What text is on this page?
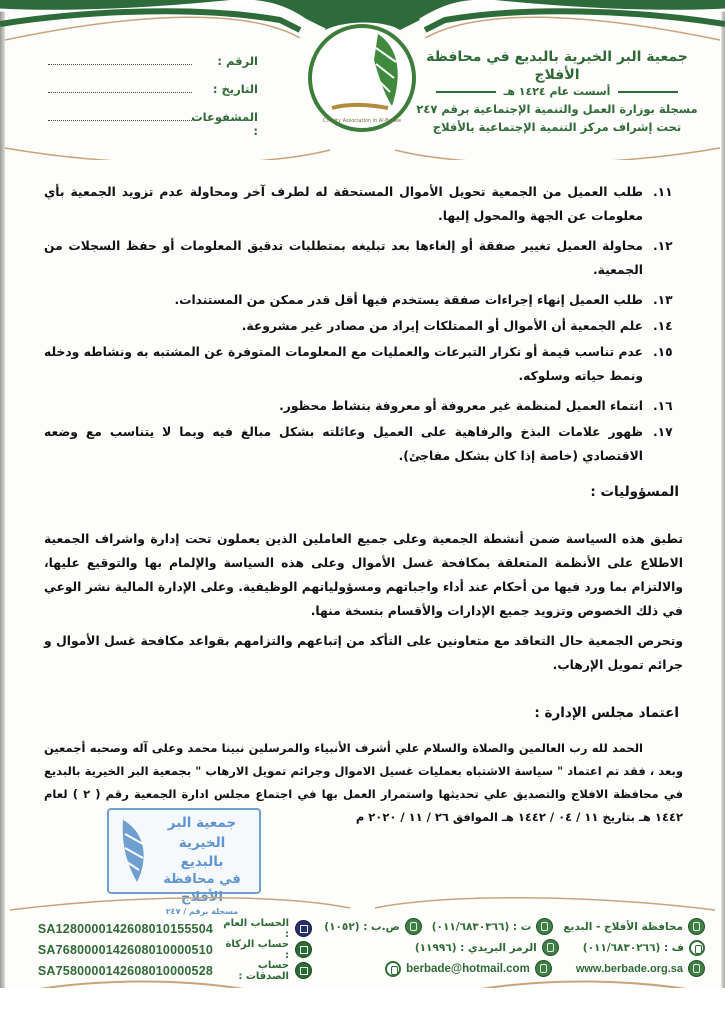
Charity Association in Al-Badee
جمعية البر الخيرية بالبديع في محافظة الأفلاج
أسست عام ١٤٢٤ هـ
مسجلة بوزارة العمل والتنمية الإجتماعية برقم ٢٤٧
تحت إشراف مركز التنمية الإجتماعية بالأفلاج
الرقم :
التاريخ :
المشفوعات :
١١.
طلب العميل من الجمعية تحويل الأموال المستحقة له لطرف آخر ومحاولة عدم تزويد الجمعية بأي معلومات عن الجهة والمحول إليها.
١٢.
محاولة العميل تغيير صفقة أو إلغاءها بعد تبليغه بمتطلبات تدقيق المعلومات أو حفظ السجلات من الجمعية.
١٣.
طلب العميل إنهاء إجراءات صفقة يستخدم فيها أقل قدر ممكن من المستندات.
١٤.
علم الجمعية أن الأموال أو الممتلكات إيراد من مصادر غير مشروعة.
١٥.
عدم تناسب قيمة أو تكرار التبرعات والعمليات مع المعلومات المتوفرة عن المشتبه به ونشاطه ودخله ونمط حياته وسلوكه.
١٦.
انتماء العميل لمنظمة غير معروفة أو معروفة بنشاط محظور.
١٧.
ظهور علامات البذخ والرفاهية على العميل وعائلته بشكل مبالغ فيه وبما لا يتناسب مع وضعه الاقتصادي (خاصة إذا كان بشكل مفاجئ).
المسؤوليات :

تطبق هذه السياسة ضمن أنشطة الجمعية وعلى جميع العاملين الذين يعملون تحت إدارة واشراف الجمعية الاطلاع على الأنظمة المتعلقة بمكافحة غسل الأموال وعلى هذه السياسة والإلمام بها والتوقيع عليها، والالتزام بما ورد فيها من أحكام عند أداء واجباتهم ومسؤولياتهم الوظيفية. وعلى الإدارة المالية نشر الوعي في ذلك الخصوص وتزويد جميع الإدارات والأقسام بنسخة منها.

وتحرص الجمعية حال التعاقد مع متعاونين على التأكد من إتباعهم والتزامهم بقواعد مكافحة غسل الأموال و جرائم تمويل الإرهاب.

اعتماد مجلس الإدارة :
الحمد لله رب العالمين والصلاة والسلام علي أشرف الأنبياء والمرسلين نبينا محمد وعلى آله وصحبه أجمعين وبعد ، فقد تم اعتماد " سياسة الاشتباه بعمليات غسيل الاموال وجرائم تمويل الارهاب " بجمعية البر الخيرية بالبديع في محافظة الافلاج والتصديق علي تحديثها واستمرار العمل بها في اجتماع مجلس ادارة الجمعية رقم ( ٢ ) لعام ١٤٤٢ هـ بتاريخ ١١ / ٠٤ / ١٤٤٢ هـ الموافق ٢٦ / ١١ / ٢٠٢٠ م
جمعية البر الخيرية
بالبديع
في محافظة الأفلاج
مسجلة برقم / ٢٤٧
الحساب العام :
SA1280000142608010155504
حساب الزكاة :
SA7680000142608010000510
حساب الصدقات :
SA7580000142608010000528
محافظة الأفلاج - البديع
ت : (٠١١/٦٨٣٠٣٦٦)
ص.ب : (١٠٥٢)
ف : (٠١١/٦٨٣٠٢٦٦)
الرمز البريدي : (١١٩٩٦)
www.berbade.org.sa
berbade@hotmail.com
